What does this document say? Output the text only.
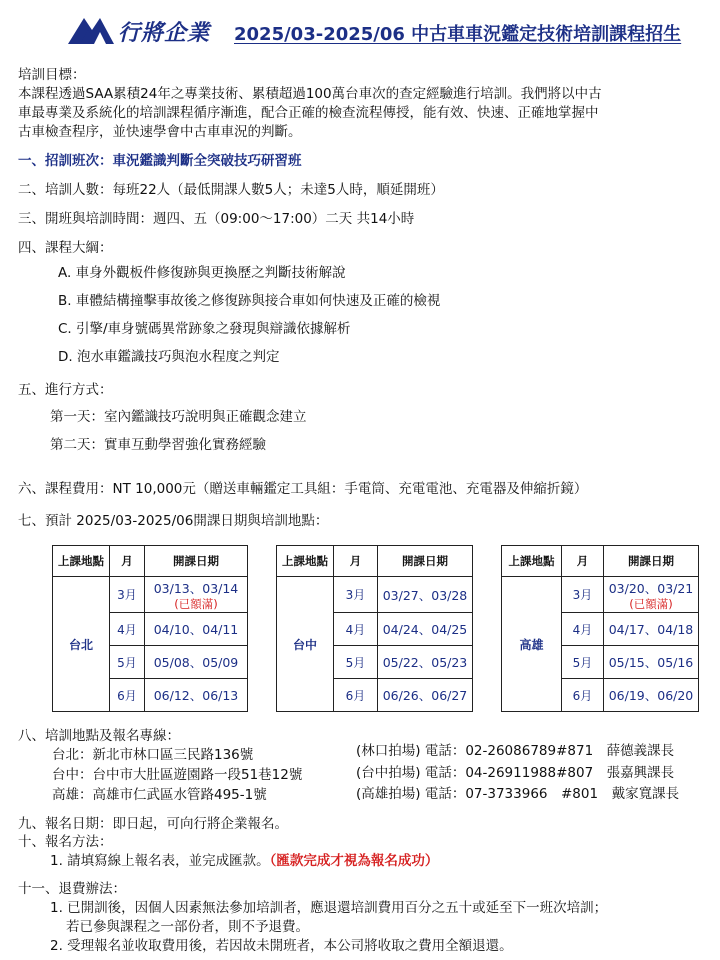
行將企業 2025/03-2025/06 中古車車況鑑定技術培訓課程招生
培訓目標：
本課程透過SAA累積24年之專業技術、累積超過100萬台車次的查定經驗進行培訓。我們將以中古
車最專業及系統化的培訓課程循序漸進，配合正確的檢查流程傳授，能有效、快速、正確地掌握中
古車檢查程序，並快速學會中古車車況的判斷。
一、招訓班次：車況鑑識判斷全突破技巧研習班
二、培訓人數：每班22人（最低開課人數5人；未達5人時，順延開班）
三、開班與培訓時間：週四、五（09:00～17:00）二天 共14小時
四、課程大綱：
A. 車身外觀板件修復跡與更換歷之判斷技術解說
B. 車體結構撞擊事故後之修復跡與接合車如何快速及正確的檢視
C. 引擎/車身號碼異常跡象之發現與辯識依據解析
D. 泡水車鑑識技巧與泡水程度之判定
五、進行方式：
第一天：室內鑑識技巧說明與正確觀念建立
第二天：實車互動學習強化實務經驗
六、課程費用：NT 10,000元（贈送車輛鑑定工具組：手電筒、充電電池、充電器及伸縮折鏡）
七、預計 2025/03-2025/06開課日期與培訓地點：
上課地點	月	開課日期
台北	3月	03/13、03/14
(已額滿)

	4月	04/10、04/11
	5月	05/08、05/09
	6月	06/12、06/13
上課地點	月	開課日期
台中	3月	03/27、03/28
	4月	04/24、04/25
	5月	05/22、05/23
	6月	06/26、06/27
上課地點	月	開課日期
高雄	3月	03/20、03/21
(已額滿)

	4月	04/17、04/18
	5月	05/15、05/16
	6月	06/19、06/20
八、培訓地點及報名專線：
台北：新北市林口區三民路136號
台中：台中市大肚區遊園路一段51巷12號
高雄：高雄市仁武區水管路495-1號
(林口拍場) 電話：02-26086789#871　薛德義課長
(台中拍場) 電話：04-26911988#807　張嘉興課長
(高雄拍場) 電話：07-3733966　#801　戴家寬課長
九、報名日期：即日起，可向行將企業報名。
十、報名方法：
1. 請填寫線上報名表，並完成匯款。（匯款完成才視為報名成功）
十一、退費辦法：
1. 已開訓後，因個人因素無法參加培訓者，應退還培訓費用百分之五十或延至下一班次培訓；
若已參與課程之一部份者，則不予退費。
2. 受理報名並收取費用後，若因故未開班者，本公司將收取之費用全額退還。
